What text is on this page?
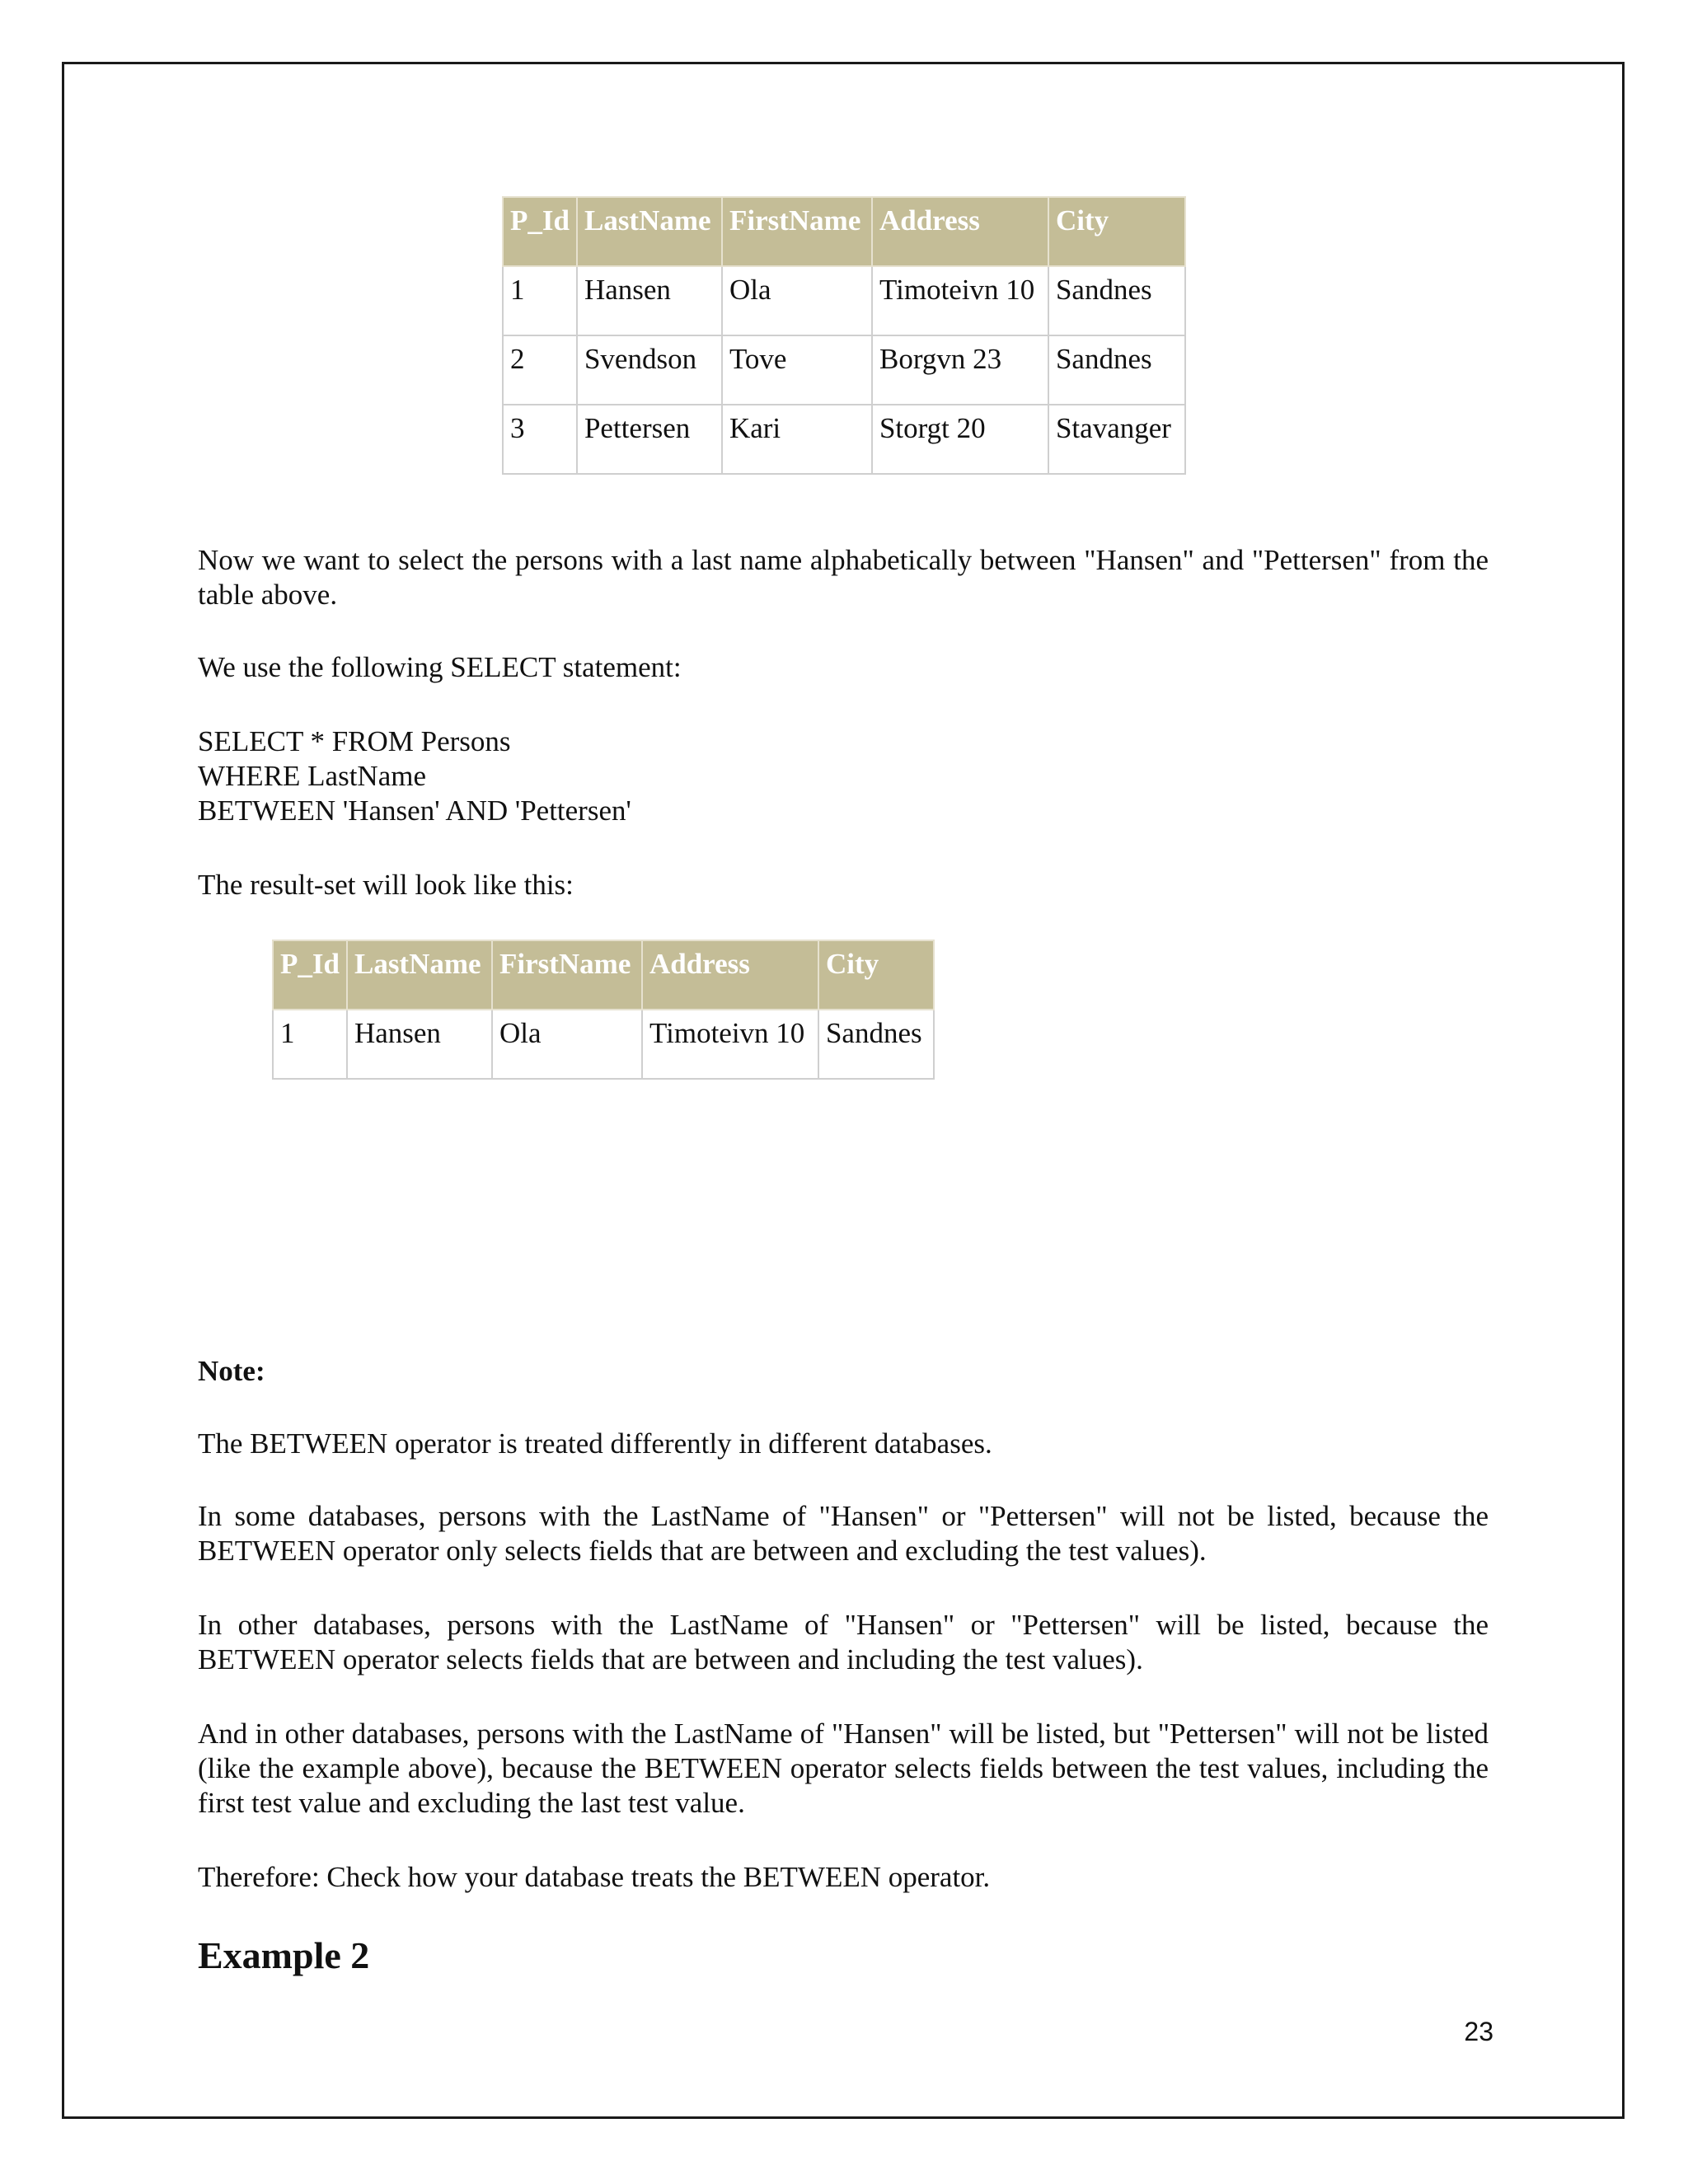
P_Id	LastName	FirstName	Address	City
1	Hansen	Ola	Timoteivn 10	Sandnes
2	Svendson	Tove	Borgvn 23	Sandnes
3	Pettersen	Kari	Storgt 20	Stavanger

Now we want to select the persons with a last name alphabetically between "Hansen" and "Pettersen" from the table above.

We use the following SELECT statement:

SELECT * FROM Persons
WHERE LastName
BETWEEN 'Hansen' AND 'Pettersen'

The result-set will look like this:

P_Id	LastName	FirstName	Address	City
1	Hansen	Ola	Timoteivn 10	Sandnes

Note:

The BETWEEN operator is treated differently in different databases.

In some databases, persons with the LastName of "Hansen" or "Pettersen" will not be listed, because the BETWEEN operator only selects fields that are between and excluding the test values).

In other databases, persons with the LastName of "Hansen" or "Pettersen" will be listed, because the BETWEEN operator selects fields that are between and including the test values).

And in other databases, persons with the LastName of "Hansen" will be listed, but "Pettersen" will not be listed (like the example above), because the BETWEEN operator selects fields between the test values, including the first test value and excluding the last test value.

Therefore: Check how your database treats the BETWEEN operator.

Example 2
23
